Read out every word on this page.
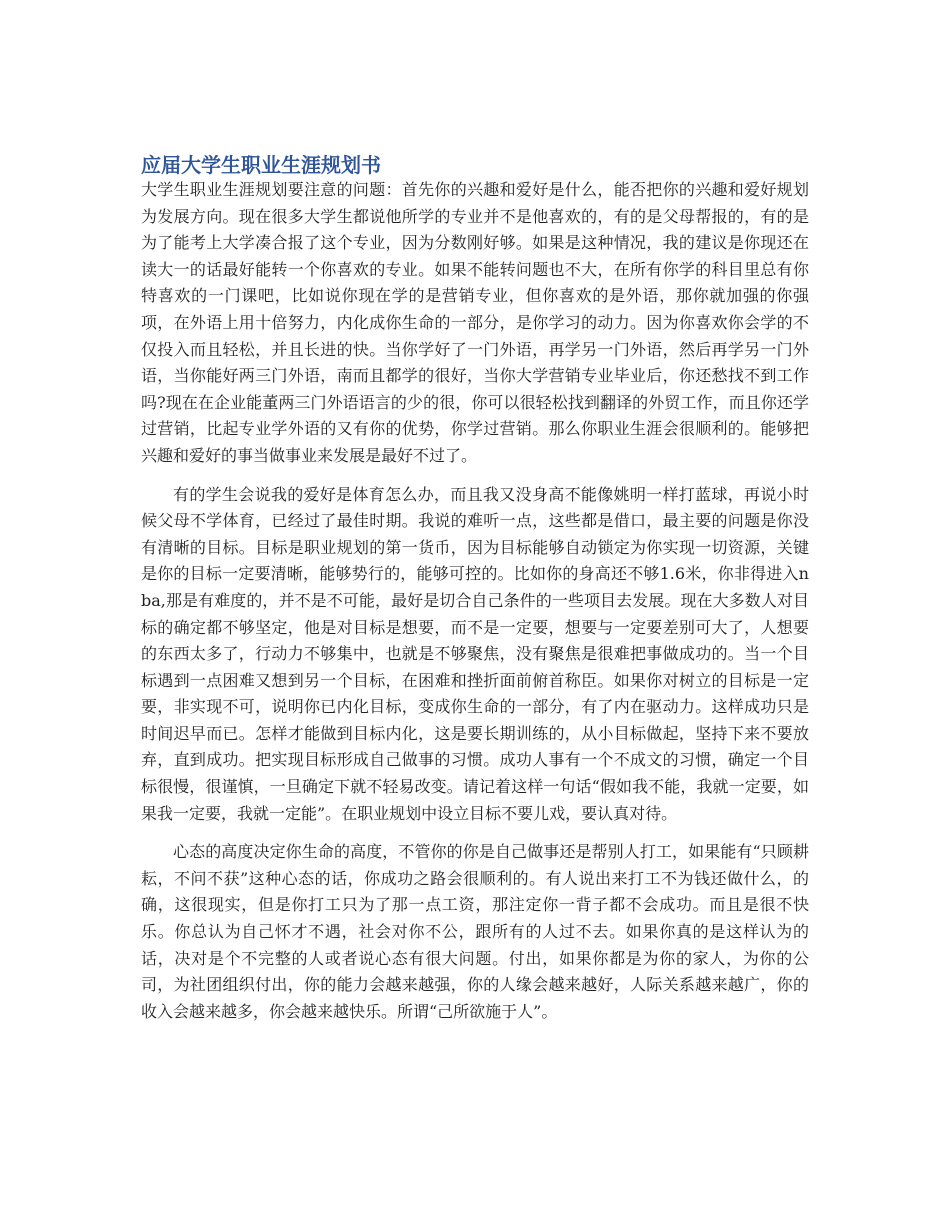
应届大学生职业生涯规划书

大学生职业生涯规划要注意的问题：首先你的兴趣和爱好是什么，能否把你的兴趣和爱好规划为发展方向。现在很多大学生都说他所学的专业并不是他喜欢的，有的是父母帮报的，有的是为了能考上大学凑合报了这个专业，因为分数刚好够。如果是这种情况，我的建议是你现还在读大一的话最好能转一个你喜欢的专业。如果不能转问题也不大，在所有你学的科目里总有你特喜欢的一门课吧，比如说你现在学的是营销专业，但你喜欢的是外语，那你就加强的你强项，在外语上用十倍努力，内化成你生命的一部分，是你学习的动力。因为你喜欢你会学的不仅投入而且轻松，并且长进的快。当你学好了一门外语，再学另一门外语，然后再学另一门外语，当你能好两三门外语，南而且都学的很好，当你大学营销专业毕业后，你还愁找不到工作吗?现在在企业能董两三门外语语言的少的很，你可以很轻松找到翻译的外贸工作，而且你还学过营销，比起专业学外语的又有你的优势，你学过营销。那么你职业生涯会很顺利的。能够把兴趣和爱好的事当做事业来发展是最好不过了。

有的学生会说我的爱好是体育怎么办，而且我又没身高不能像姚明一样打蓝球，再说小时候父母不学体育，已经过了最佳时期。我说的难听一点，这些都是借口，最主要的问题是你没有清晰的目标。目标是职业规划的第一货币，因为目标能够自动锁定为你实现一切资源，关键是你的目标一定要清晰，能够势行的，能够可控的。比如你的身高还不够1.6米，你非得进入nba,那是有难度的，并不是不可能，最好是切合自己条件的一些项目去发展。现在大多数人对目标的确定都不够坚定，他是对目标是想要，而不是一定要，想要与一定要差别可大了，人想要的东西太多了，行动力不够集中，也就是不够聚焦，没有聚焦是很难把事做成功的。当一个目标遇到一点困难又想到另一个目标，在困难和挫折面前俯首称臣。如果你对树立的目标是一定要，非实现不可，说明你已内化目标，变成你生命的一部分，有了内在驱动力。这样成功只是时间迟早而已。怎样才能做到目标内化，这是要长期训练的，从小目标做起，坚持下来不要放弃，直到成功。把实现目标形成自己做事的习惯。成功人事有一个不成文的习惯，确定一个目标很慢，很谨慎，一旦确定下就不轻易改变。请记着这样一句话“假如我不能，我就一定要，如果我一定要，我就一定能”。在职业规划中设立目标不要儿戏，要认真对待。

心态的高度决定你生命的高度，不管你的你是自己做事还是帮别人打工，如果能有“只顾耕耘，不问不获”这种心态的话，你成功之路会很顺利的。有人说出来打工不为钱还做什么，的确，这很现实，但是你打工只为了那一点工资，那注定你一背子都不会成功。而且是很不快乐。你总认为自己怀才不遇，社会对你不公，跟所有的人过不去。如果你真的是这样认为的话，决对是个不完整的人或者说心态有很大问题。付出，如果你都是为你的家人，为你的公司，为社团组织付出，你的能力会越来越强，你的人缘会越来越好，人际关系越来越广，你的收入会越来越多，你会越来越快乐。所谓“己所欲施于人”。
